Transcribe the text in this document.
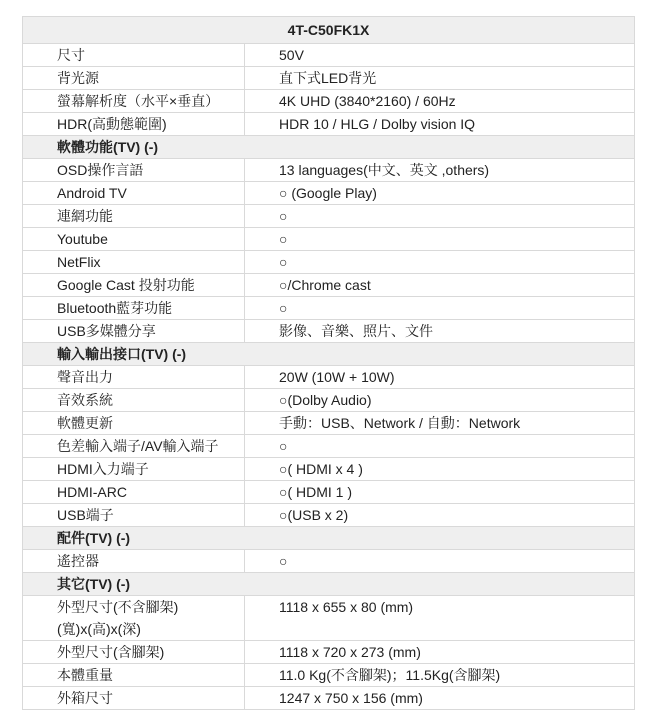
4T-C50FK1X	
尺寸	50V
背光源	直下式LED背光
螢幕解析度（水平×垂直）	4K UHD (3840*2160) / 60Hz
HDR(高動態範圍)	HDR 10 / HLG / Dolby vision IQ
軟體功能(TV) (-)	
OSD操作言語	13 languages(中文、英文 ,others)
Android TV	○ (Google Play)
連網功能	○
Youtube	○
NetFlix	○
Google Cast 投射功能	○/Chrome cast
Bluetooth藍芽功能	○
USB多媒體分享	影像、音樂、照片、文件
輸入輸出接口(TV) (-)	
聲音出力	20W (10W + 10W)
音效系統	○(Dolby Audio)
軟體更新	手動：USB、Network / 自動：Network
色差輸入端子/AV輸入端子	○
HDMI入力端子	○( HDMI x 4 )
HDMI-ARC	○( HDMI 1 )
USB端子	○(USB x 2)
配件(TV) (-)	
遙控器	○
其它(TV) (-)	
外型尺寸(不含腳架)(寬)x(高)x(深)	1118 x 655 x 80 (mm)
外型尺寸(含腳架)	1118 x 720 x 273 (mm)
本體重量	11.0 Kg(不含腳架)；11.5Kg(含腳架)
外箱尺寸	1247 x 750 x 156 (mm)
